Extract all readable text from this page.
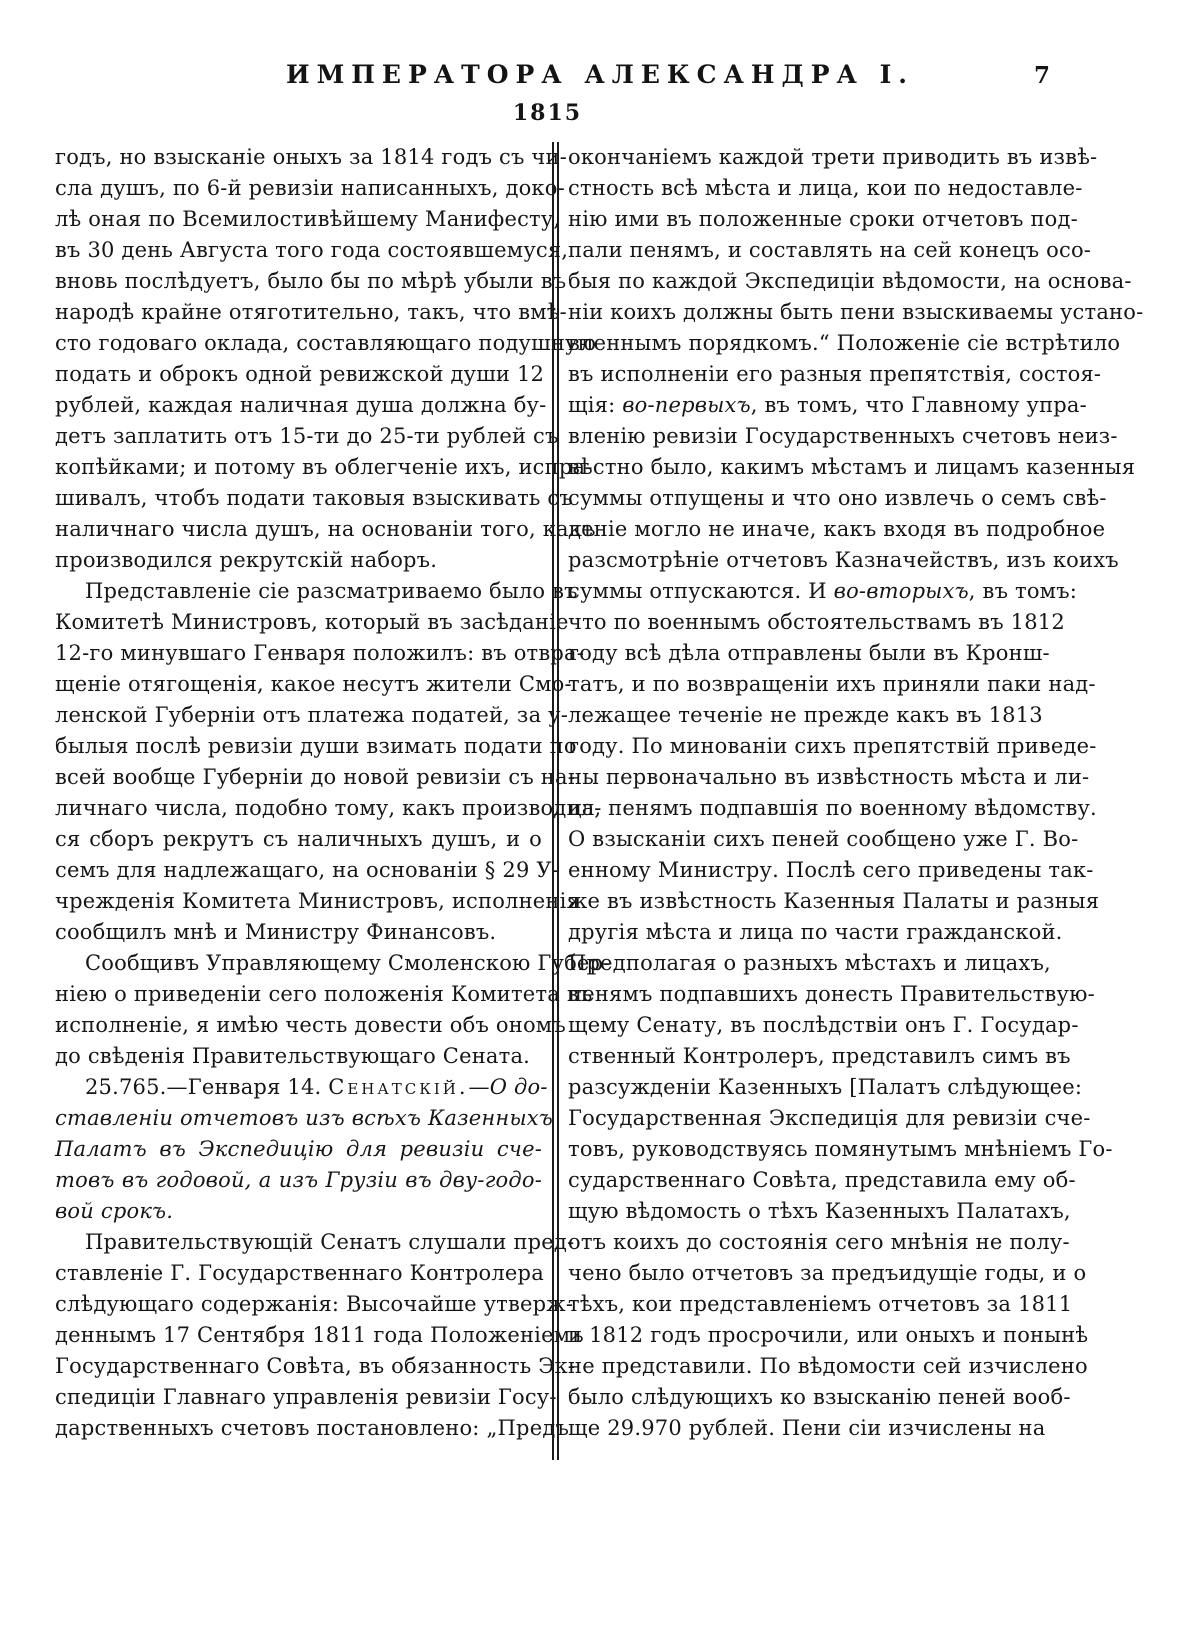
ИМПЕРАТОРА АЛЕКСАНДРА I.	7
1815
годъ, но взысканіе оныхъ за 1814 годъ съ чи-
сла душъ, по 6-й ревизіи написанныхъ, доко-
лѣ оная по Всемилостивѣйшему Манифесту,
въ 30 день Августа того года состоявшемуся,
вновь послѣдуетъ, было бы по мѣрѣ убыли въ
народѣ крайне отяготительно, такъ, что вмѣ-
сто годоваго оклада, составляющаго подушную
подать и оброкъ одной ревижской души 12
рублей, каждая наличная душа должна бу-
детъ заплатить отъ 15-ти до 25-ти рублей съ
копѣйками; и потому въ облегченіе ихъ, испра-
шивалъ, чтобъ подати таковыя взыскивать съ
наличнаго числа душъ, на основаніи того, какъ
производился рекрутскій наборъ.
Представленіе сіе разсматриваемо было въ
Комитетѣ Министровъ, который въ засѣданіе
12-го минувшаго Генваря положилъ: въ отвра-
щеніе отягощенія, какое несутъ жители Смо-
ленской Губерніи отъ платежа податей, за у-
былыя послѣ ревизіи души взимать подати по
всей вообще Губерніи до новой ревизіи съ на-
личнаго числа, подобно тому, какъ производил-
ся сборъ рекрутъ съ наличныхъ душъ, и о
семъ для надлежащаго, на основаніи § 29 У-
чрежденія Комитета Министровъ, исполненія
сообщилъ мнѣ и Министру Финансовъ.
Сообщивъ Управляющему Смоленскою Губер-
ніею о приведеніи сего положенія Комитета въ
исполненіе, я имѣю честь довести объ ономъ
до свѣденія Правительствующаго Сената.
25.765.—Генваря 14. Сенатскій.—О до-
ставленіи отчетовъ изъ всѣхъ Казенныхъ
Палатъ въ Экспедицію для ревизіи сче-
товъ въ годовой, а изъ Грузіи въ дву-годо-
вой срокъ.
Правительствующій Сенатъ слушали пред-
ставленіе Г. Государственнаго Контролера
слѣдующаго содержанія: Высочайше утверж-
деннымъ 17 Сентября 1811 года Положеніемъ
Государственнаго Совѣта, въ обязанность Эк-
спедиціи Главнаго управленія ревизіи Госу-
дарственныхъ счетовъ постановлено: „Предъ
окончаніемъ каждой трети приводить въ извѣ-
стность всѣ мѣста и лица, кои по недоставле-
нію ими въ положенные сроки отчетовъ под-
пали пенямъ, и составлять на сей конецъ осо-
быя по каждой Экспедиціи вѣдомости, на основа-
ніи коихъ должны быть пени взыскиваемы устано-
вленнымъ порядкомъ.“ Положеніе сіе встрѣтило
въ исполненіи его разныя препятствія, состоя-
щія: во-первыхъ, въ томъ, что Главному упра-
вленію ревизіи Государственныхъ счетовъ неиз-
вѣстно было, какимъ мѣстамъ и лицамъ казенныя
суммы отпущены и что оно извлечь о семъ свѣ-
деніе могло не иначе, какъ входя въ подробное
разсмотрѣніе отчетовъ Казначействъ, изъ коихъ
суммы отпускаются. И во-вторыхъ, въ томъ:
что по военнымъ обстоятельствамъ въ 1812
году всѣ дѣла отправлены были въ Кронш-
татъ, и по возвращеніи ихъ приняли паки над-
лежащее теченіе не прежде какъ въ 1813
году. По минованіи сихъ препятствій приведе-
ны первоначально въ извѣстность мѣста и ли-
ца, пенямъ подпавшія по военному вѣдомству.
О взысканіи сихъ пеней сообщено уже Г. Во-
енному Министру. Послѣ сего приведены так-
же въ извѣстность Казенныя Палаты и разныя
другія мѣста и лица по части гражданской.
Предполагая о разныхъ мѣстахъ и лицахъ,
пенямъ подпавшихъ донесть Правительствую-
щему Сенату, въ послѣдствіи онъ Г. Государ-
ственный Контролеръ, представилъ симъ въ
разсужденіи Казенныхъ [Палатъ слѣдующее:
Государственная Экспедиція для ревизіи сче-
товъ, руководствуясь помянутымъ мнѣніемъ Го-
сударственнаго Совѣта, представила ему об-
щую вѣдомость о тѣхъ Казенныхъ Палатахъ,
отъ коихъ до состоянія сего мнѣнія не полу-
чено было отчетовъ за предъидущіе годы, и о
тѣхъ, кои представленіемъ отчетовъ за 1811
и 1812 годъ просрочили, или оныхъ и понынѣ
не представили. По вѣдомости сей изчислено
было слѣдующихъ ко взысканію пеней вооб-
ще 29.970 рублей. Пени сіи изчислены на
